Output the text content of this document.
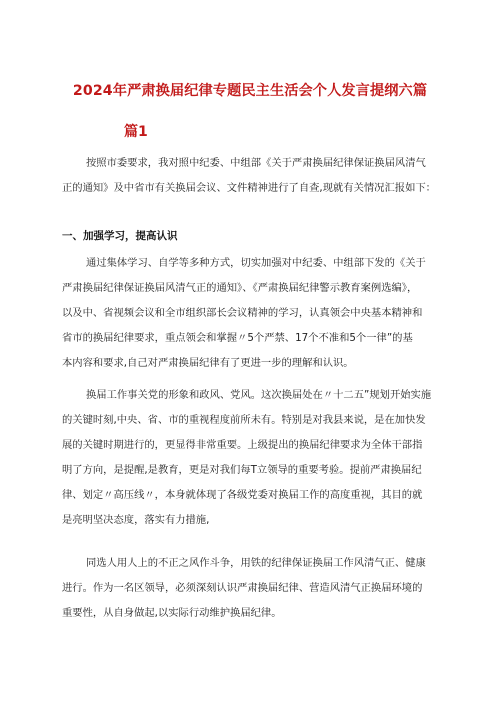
2024年严肃换届纪律专题民主生活会个人发言提纲六篇
篇1
按照市委要求，我对照中纪委、中组部《关于严肃换届纪律保证换届风清气
正的通知》及中省市有关换届会议、文件精神进行了自查,现就有关情况汇报如下：
一、加强学习，提高认识
通过集体学习、自学等多种方式，切实加强对中纪委、中组部下发的《关于
严肃换届纪律保证换届风清气正的通知》、《严肃换届纪律警示教育案例选编》，
以及中、省视频会议和全市组织部长会议精神的学习，认真领会中央基本精神和
省市的换届纪律要求，重点领会和掌握〃5个严禁、17个不准和5个一律”的基
本内容和要求,自己对严肃换届纪律有了更进一步的理解和认识。
换届工作事关党的形象和政风、党风。这次换届处在〃十二五”规划开始实施
的关键时刻,中央、省、市的重视程度前所未有。特别是对我县来说，是在加快发
展的关键时期进行的，更显得非常重要。上级提出的换届纪律要求为全体干部指
明了方向，是提醒,是教育，更是对我们每T立领导的重要考验。提前严肃换届纪
律、划定〃高压线〃，本身就体现了各级党委对换届工作的高度重视，其目的就
是亮明坚决态度，落实有力措施,
同选人用人上的不正之风作斗争，用铁的纪律保证换届工作风清气正、健康
进行。作为一名区领导，必须深刻认识严肃换届纪律、营造风清气正换届环境的
重要性，从自身做起,以实际行动维护换届纪律。
